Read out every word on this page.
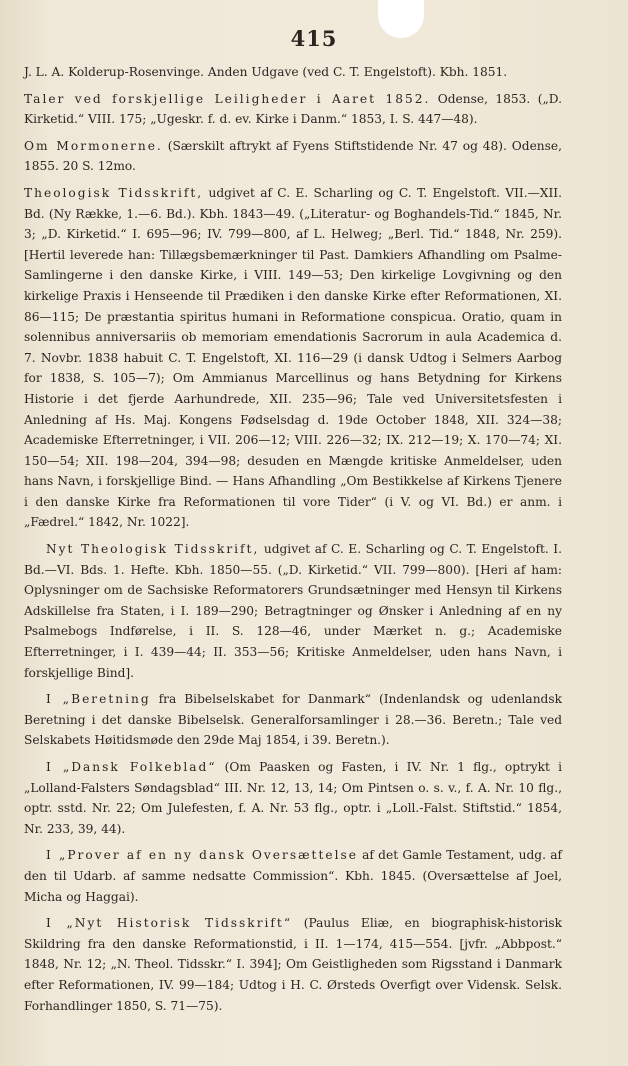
415

J. L. A. Kolderup-Rosenvinge. Anden Udgave (ved C. T. Engelstoft). Kbh. 1851.

Taler ved forskjellige Leiligheder i Aaret 1852. Odense, 1853. („D. Kirketid.“ VIII. 175; „Ugeskr. f. d. ev. Kirke i Danm.“ 1853, I. S. 447—48).

Om Mormonerne. (Særskilt aftrykt af Fyens Stiftstidende Nr. 47 og 48). Odense, 1855. 20 S. 12mo.

Theologisk Tidsskrift, udgivet af C. E. Scharling og C. T. Engelstoft. VII.—XII. Bd. (Ny Række, 1.—6. Bd.). Kbh. 1843—49. („Literatur- og Boghandels-Tid.“ 1845, Nr. 3; „D. Kirketid.“ I. 695—96; IV. 799—800, af L. Helweg; „Berl. Tid.“ 1848, Nr. 259). [Hertil leverede han: Tillægsbemærkninger til Past. Damkiers Afhandling om Psalme-Samlingerne i den danske Kirke, i VIII. 149—53; Den kirkelige Lovgivning og den kirkelige Praxis i Henseende til Prædiken i den danske Kirke efter Reformationen, XI. 86—115; De præstantia spiritus humani in Reformatione conspicua. Oratio, quam in solennibus anniversariis ob memoriam emendationis Sacrorum in aula Academica d. 7. Novbr. 1838 habuit C. T. Engelstoft, XI. 116—29 (i dansk Udtog i Selmers Aarbog for 1838, S. 105—7); Om Ammianus Marcellinus og hans Betydning for Kirkens Historie i det fjerde Aarhundrede, XII. 235—96; Tale ved Universitetsfesten i Anledning af Hs. Maj. Kongens Fødselsdag d. 19de October 1848, XII. 324—38; Academiske Efterretninger, i VII. 206—12; VIII. 226—32; IX. 212—19; X. 170—74; XI. 150—54; XII. 198—204, 394—98; desuden en Mængde kritiske Anmeldelser, uden hans Navn, i forskjellige Bind. — Hans Afhandling „Om Bestikkelse af Kirkens Tjenere i den danske Kirke fra Reformationen til vore Tider“ (i V. og VI. Bd.) er anm. i „Fædrel.“ 1842, Nr. 1022].

Nyt Theologisk Tidsskrift, udgivet af C. E. Scharling og C. T. Engelstoft. I. Bd.—VI. Bds. 1. Hefte. Kbh. 1850—55. („D. Kirketid.“ VII. 799—800). [Heri af ham: Oplysninger om de Sachsiske Reformatorers Grundsætninger med Hensyn til Kirkens Adskillelse fra Staten, i I. 189—290; Betragtninger og Ønsker i Anledning af en ny Psalmebogs Indførelse, i II. S. 128—46, under Mærket n. g.; Academiske Efterretninger, i I. 439—44; II. 353—56; Kritiske Anmeldelser, uden hans Navn, i forskjellige Bind].

I „Beretning fra Bibelselskabet for Danmark“ (Indenlandsk og udenlandsk Beretning i det danske Bibelselsk. Generalforsamlinger i 28.—36. Beretn.; Tale ved Selskabets Høitidsmøde den 29de Maj 1854, i 39. Beretn.).

I „Dansk Folkeblad“ (Om Paasken og Fasten, i IV. Nr. 1 flg., optrykt i „Lolland-Falsters Søndagsblad“ III. Nr. 12, 13, 14; Om Pintsen o. s. v., f. A. Nr. 10 flg., optr. sstd. Nr. 22; Om Julefesten, f. A. Nr. 53 flg., optr. i „Loll.-Falst. Stiftstid.“ 1854, Nr. 233, 39, 44).

I „Prover af en ny dansk Oversættelse af det Gamle Testament, udg. af den til Udarb. af samme nedsatte Commission“. Kbh. 1845. (Oversættelse af Joel, Micha og Haggai).

I „Nyt Historisk Tidsskrift“ (Paulus Eliæ, en biographisk-historisk Skildring fra den danske Reformationstid, i II. 1—174, 415—554. [jvfr. „Abbpost.“ 1848, Nr. 12; „N. Theol. Tidsskr.“ I. 394]; Om Geistligheden som Rigsstand i Danmark efter Reformationen, IV. 99—184; Udtog i H. C. Ørsteds Overfigt over Vidensk. Selsk. Forhandlinger 1850, S. 71—75).
